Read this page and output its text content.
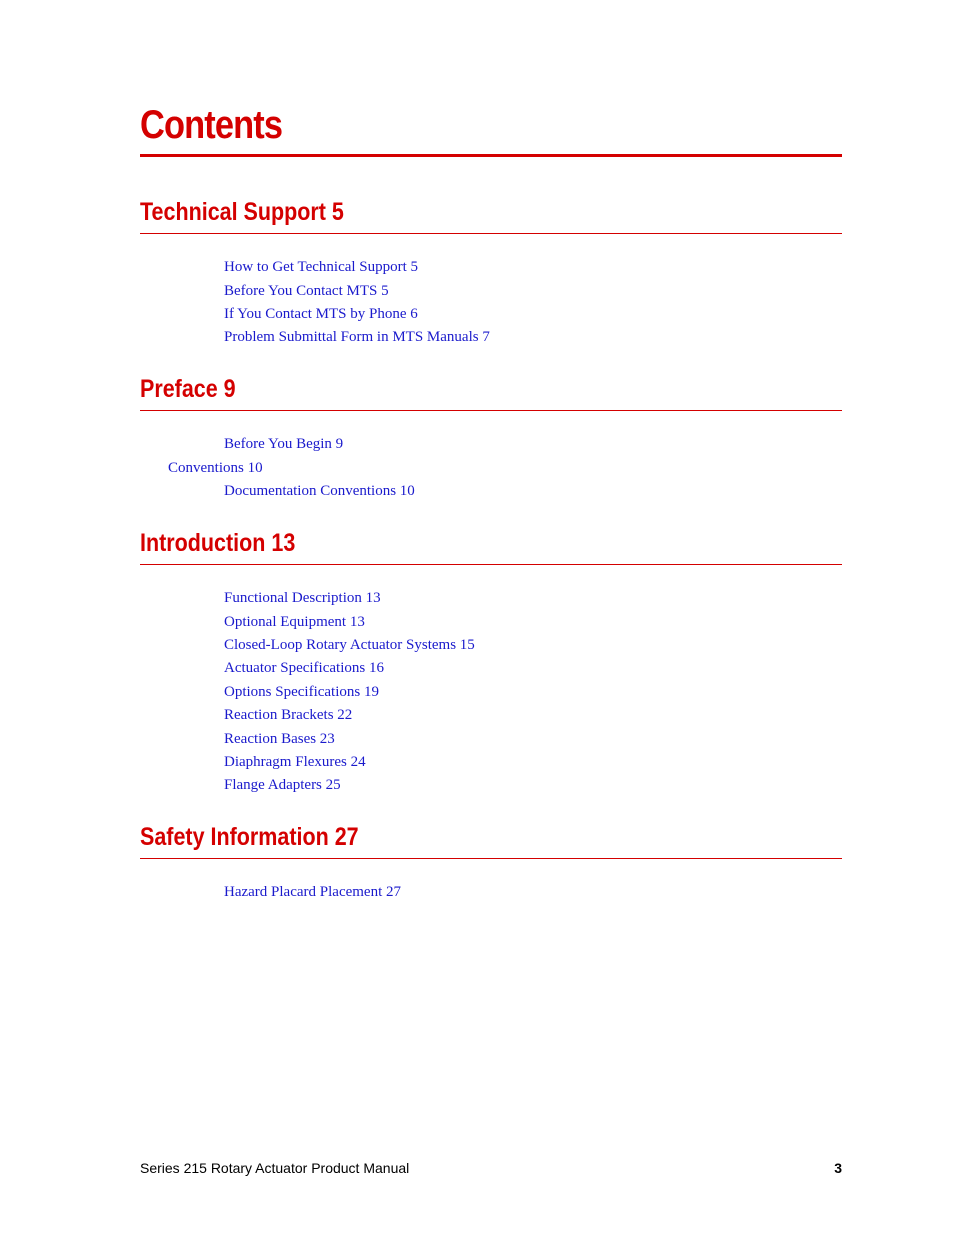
Contents
Technical Support 5
How to Get Technical Support 5
Before You Contact MTS 5
If You Contact MTS by Phone 6
Problem Submittal Form in MTS Manuals 7
Preface 9
Before You Begin 9
Conventions 10
Documentation Conventions 10
Introduction 13
Functional Description 13
Optional Equipment 13
Closed-Loop Rotary Actuator Systems 15
Actuator Specifications 16
Options Specifications 19
Reaction Brackets 22
Reaction Bases 23
Diaphragm Flexures 24
Flange Adapters 25
Safety Information 27
Hazard Placard Placement 27
Series 215 Rotary Actuator Product Manual	3
